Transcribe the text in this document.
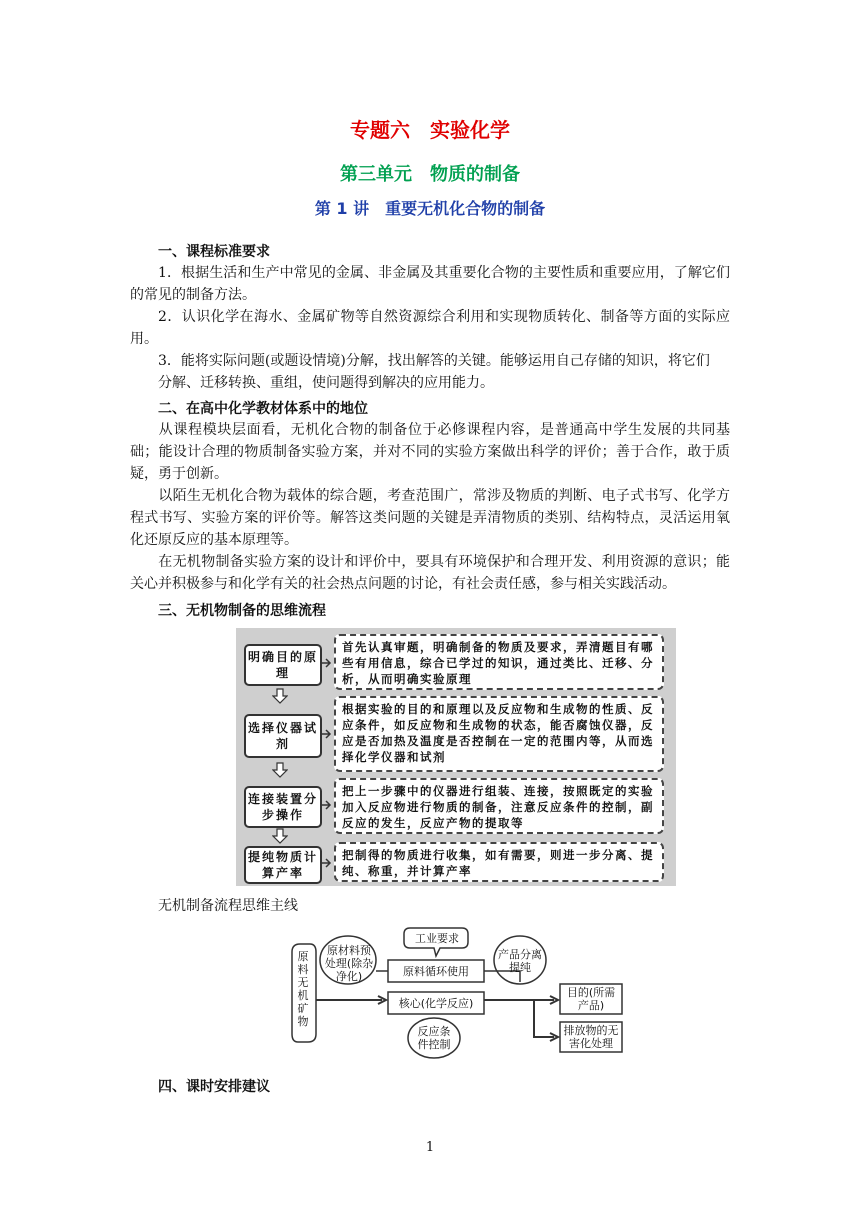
专题六　实验化学
第三单元　物质的制备
第 1 讲　重要无机化合物的制备
一、课程标准要求
1．根据生活和生产中常见的金属、非金属及其重要化合物的主要性质和重要应用，了解它们的常见的制备方法。
2．认识化学在海水、金属矿物等自然资源综合利用和实现物质转化、制备等方面的实际应用。
3．能将实际问题(或题设情境)分解，找出解答的关键。能够运用自己存储的知识，将它们
分解、迁移转换、重组，使问题得到解决的应用能力。
二、在高中化学教材体系中的地位
从课程模块层面看，无机化合物的制备位于必修课程内容，是普通高中学生发展的共同基础；能设计合理的物质制备实验方案，并对不同的实验方案做出科学的评价；善于合作，敢于质疑，勇于创新。
以陌生无机化合物为载体的综合题，考查范围广，常涉及物质的判断、电子式书写、化学方程式书写、实验方案的评价等。解答这类问题的关键是弄清物质的类别、结构特点，灵活运用氧化还原反应的基本原理等。
在无机物制备实验方案的设计和评价中，要具有环境保护和合理开发、利用资源的意识；能关心并积极参与和化学有关的社会热点问题的讨论，有社会责任感，参与相关实践活动。
三、无机物制备的思维流程
明确目的原理
首先认真审题，明确制备的物质及要求，弄清题目有哪些有用信息，综合已学过的知识，通过类比、迁移、分析，从而明确实验原理
选择仪器试剂
根据实验的目的和原理以及反应物和生成物的性质、反应条件，如反应物和生成物的状态，能否腐蚀仪器，反应是否加热及温度是否控制在一定的范围内等，从而选择化学仪器和试剂
连接装置分步操作
把上一步骤中的仪器进行组装、连接，按照既定的实验加入反应物进行物质的制备，注意反应条件的控制，副反应的发生，反应产物的提取等
提纯物质计算产率
把制得的物质进行收集，如有需要，则进一步分离、提纯、称重，并计算产率
无机制备流程思维主线
原料无机矿物
原材料预处理(除杂净化)
工业要求
原料循环使用
核心(化学反应)
反应条件控制
产品分离提纯
目的(所需产品)
排放物的无害化处理
四、课时安排建议
1
